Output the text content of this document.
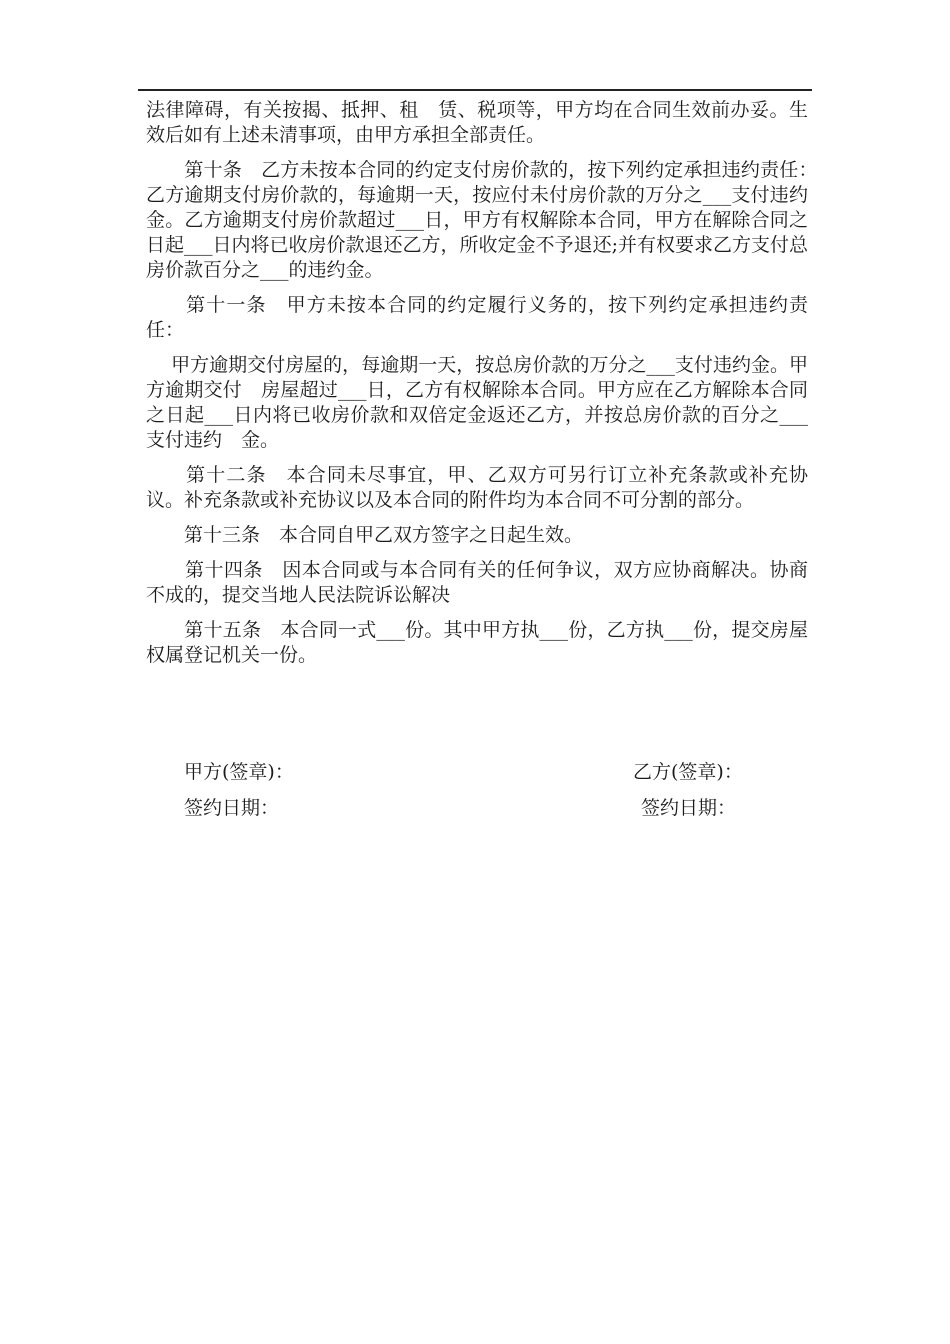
法律障碍，有关按揭、抵押、租　赁、税项等，甲方均在合同生效前办妥。生效后如有上述未清事项，由甲方承担全部责任。

　　第十条　乙方未按本合同的约定支付房价款的，按下列约定承担违约责任：　　乙方逾期支付房价款的，每逾期一天，按应付未付房价款的万分之___支付违约金。乙方逾期支付房价款超过___日，甲方有权解除本合同，甲方在解除合同之日起___日内将已收房价款退还乙方，所收定金不予退还;并有权要求乙方支付总房价款百分之___的违约金。

　　第十一条　甲方未按本合同的约定履行义务的，按下列约定承担违约责任：

　 甲方逾期交付房屋的，每逾期一天，按总房价款的万分之___支付违约金。甲方逾期交付　房屋超过___日，乙方有权解除本合同。甲方应在乙方解除本合同之日起___日内将已收房价款和双倍定金返还乙方，并按总房价款的百分之___支付违约　金。

　　第十二条　本合同未尽事宜，甲、乙双方可另行订立补充条款或补充协议。补充条款或补充协议以及本合同的附件均为本合同不可分割的部分。

　　第十三条　本合同自甲乙双方签字之日起生效。

　　第十四条　因本合同或与本合同有关的任何争议，双方应协商解决。协商不成的，提交当地人民法院诉讼解决

　　第十五条　本合同一式___份。其中甲方执___份，乙方执___份，提交房屋权属登记机关一份。

甲方(签章)：	乙方(签章)：
签约日期：	签约日期：
